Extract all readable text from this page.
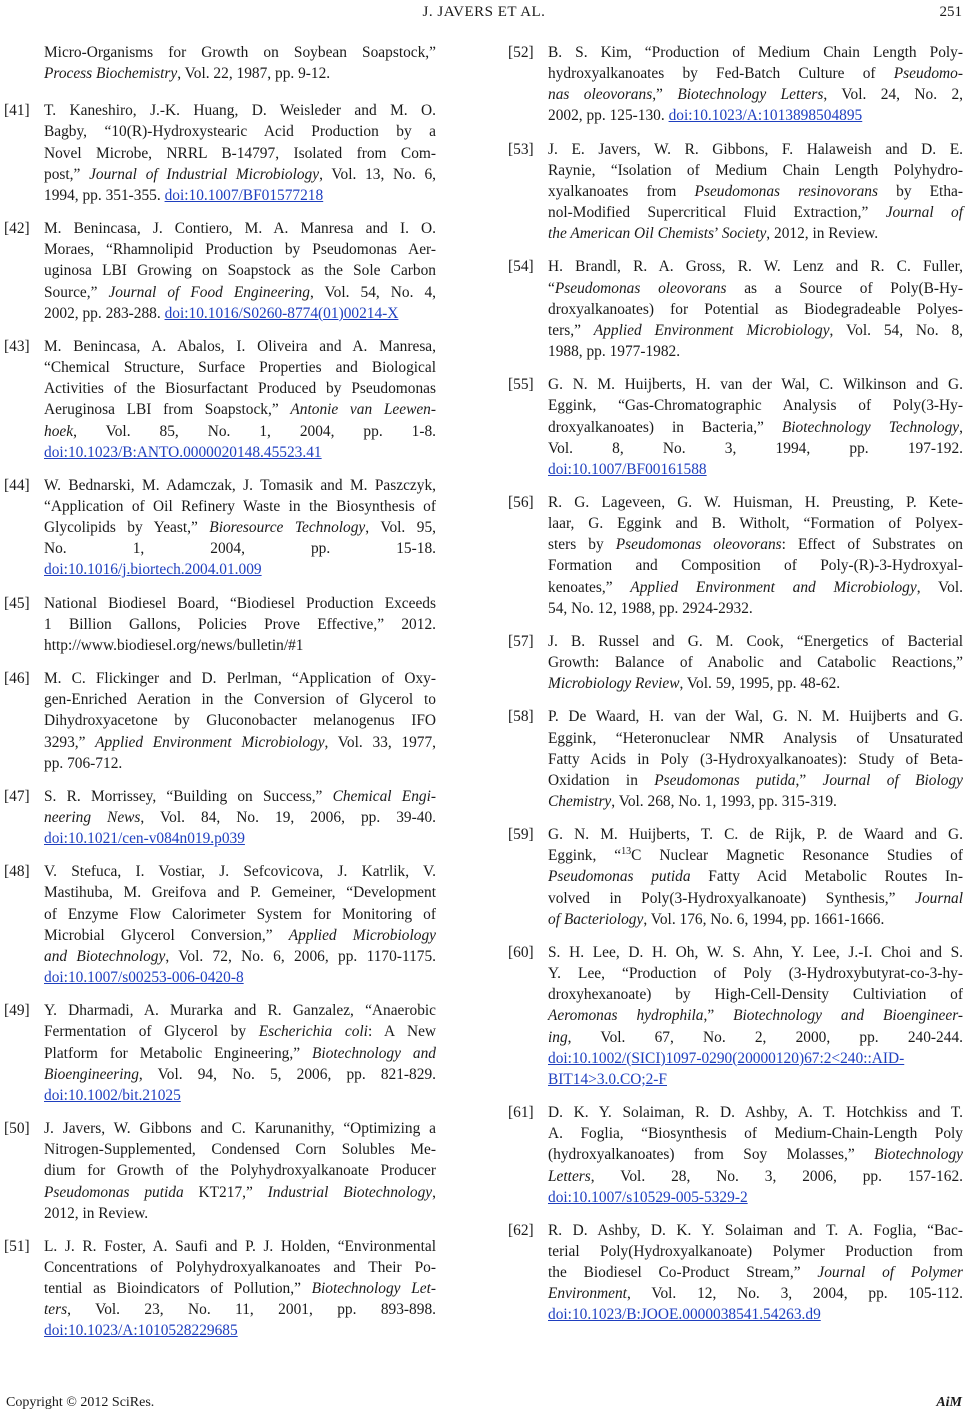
J. JAVERS ET AL.	251
Micro-Organisms for Growth on Soybean Soapstock,”
Process Biochemistry, Vol. 22, 1987, pp. 9-12.
[41] T. Kaneshiro, J.-K. Huang, D. Weisleder and M. O.
Bagby, “10(R)-Hydroxystearic Acid Production by a
Novel Microbe, NRRL B-14797, Isolated from Com-
post,” Journal of Industrial Microbiology, Vol. 13, No. 6,
1994, pp. 351-355. doi:10.1007/BF01577218
[42] M. Benincasa, J. Contiero, M. A. Manresa and I. O.
Moraes, “Rhamnolipid Production by Pseudomonas Aer-
uginosa LBI Growing on Soapstock as the Sole Carbon
Source,” Journal of Food Engineering, Vol. 54, No. 4,
2002, pp. 283-288. doi:10.1016/S0260-8774(01)00214-X
[43] M. Benincasa, A. Abalos, I. Oliveira and A. Manresa,
“Chemical Structure, Surface Properties and Biological
Activities of the Biosurfactant Produced by Pseudomonas
Aeruginosa LBI from Soapstock,” Antonie van Leewen-
hoek, Vol. 85, No. 1, 2004, pp. 1-8.
doi:10.1023/B:ANTO.0000020148.45523.41
[44] W. Bednarski, M. Adamczak, J. Tomasik and M. Paszczyk,
“Application of Oil Refinery Waste in the Biosynthesis of
Glycolipids by Yeast,” Bioresource Technology, Vol. 95,
No. 1, 2004, pp. 15-18.
doi:10.1016/j.biortech.2004.01.009
[45] National Biodiesel Board, “Biodiesel Production Exceeds
1 Billion Gallons, Policies Prove Effective,” 2012.
http://www.biodiesel.org/news/bulletin/#1
[46] M. C. Flickinger and D. Perlman, “Application of Oxy-
gen-Enriched Aeration in the Conversion of Glycerol to
Dihydroxyacetone by Gluconobacter melanogenus IFO
3293,” Applied Environment Microbiology, Vol. 33, 1977,
pp. 706-712.
[47] S. R. Morrissey, “Building on Success,” Chemical Engi-
neering News, Vol. 84, No. 19, 2006, pp. 39-40.
doi:10.1021/cen-v084n019.p039
[48] V. Stefuca, I. Vostiar, J. Sefcovicova, J. Katrlik, V.
Mastihuba, M. Greifova and P. Gemeiner, “Development
of Enzyme Flow Calorimeter System for Monitoring of
Microbial Glycerol Conversion,” Applied Microbiology
and Biotechnology, Vol. 72, No. 6, 2006, pp. 1170-1175.
doi:10.1007/s00253-006-0420-8
[49] Y. Dharmadi, A. Murarka and R. Ganzalez, “Anaerobic
Fermentation of Glycerol by Escherichia coli: A New
Platform for Metabolic Engineering,” Biotechnology and
Bioengineering, Vol. 94, No. 5, 2006, pp. 821-829.
doi:10.1002/bit.21025
[50] J. Javers, W. Gibbons and C. Karunanithy, “Optimizing a
Nitrogen-Supplemented, Condensed Corn Solubles Me-
dium for Growth of the Polyhydroxyalkanoate Producer
Pseudomonas putida KT217,” Industrial Biotechnology,
2012, in Review.
[51] L. J. R. Foster, A. Saufi and P. J. Holden, “Environmental
Concentrations of Polyhydroxyalkanoates and Their Po-
tential as Bioindicators of Pollution,” Biotechnology Let-
ters, Vol. 23, No. 11, 2001, pp. 893-898.
doi:10.1023/A:1010528229685
[52] B. S. Kim, “Production of Medium Chain Length Poly-
hydroxyalkanoates by Fed-Batch Culture of Pseudomo-
nas oleovorans,” Biotechnology Letters, Vol. 24, No. 2,
2002, pp. 125-130. doi:10.1023/A:1013898504895
[53] J. E. Javers, W. R. Gibbons, F. Halaweish and D. E.
Raynie, “Isolation of Medium Chain Length Polyhydro-
xyalkanoates from Pseudomonas resinovorans by Etha-
nol-Modified Supercritical Fluid Extraction,” Journal of
the American Oil Chemists’ Society, 2012, in Review.
[54] H. Brandl, R. A. Gross, R. W. Lenz and R. C. Fuller,
“Pseudomonas oleovorans as a Source of Poly(B-Hy-
droxyalkanoates) for Potential as Biodegradeable Polyes-
ters,” Applied Environment Microbiology, Vol. 54, No. 8,
1988, pp. 1977-1982.
[55] G. N. M. Huijberts, H. van der Wal, C. Wilkinson and G.
Eggink, “Gas-Chromatographic Analysis of Poly(3-Hy-
droxyalkanoates) in Bacteria,” Biotechnology Technology,
Vol. 8, No. 3, 1994, pp. 197-192.
doi:10.1007/BF00161588
[56] R. G. Lageveen, G. W. Huisman, H. Preusting, P. Kete-
laar, G. Eggink and B. Witholt, “Formation of Polyex-
sters by Pseudomonas oleovorans: Effect of Substrates on
Formation and Composition of Poly-(R)-3-Hydroxyal-
kenoates,” Applied Environment and Microbiology, Vol.
54, No. 12, 1988, pp. 2924-2932.
[57] J. B. Russel and G. M. Cook, “Energetics of Bacterial
Growth: Balance of Anabolic and Catabolic Reactions,”
Microbiology Review, Vol. 59, 1995, pp. 48-62.
[58] P. De Waard, H. van der Wal, G. N. M. Huijberts and G.
Eggink, “Heteronuclear NMR Analysis of Unsaturated
Fatty Acids in Poly (3-Hydroxyalkanoates): Study of Beta-
Oxidation in Pseudomonas putida,” Journal of Biology
Chemistry, Vol. 268, No. 1, 1993, pp. 315-319.
[59] G. N. M. Huijberts, T. C. de Rijk, P. de Waard and G.
Eggink, “$^{13}$C Nuclear Magnetic Resonance Studies of
Pseudomonas putida Fatty Acid Metabolic Routes In-
volved in Poly(3-Hydroxyalkanoate) Synthesis,” Journal
of Bacteriology, Vol. 176, No. 6, 1994, pp. 1661-1666.
[60] S. H. Lee, D. H. Oh, W. S. Ahn, Y. Lee, J.-I. Choi and S.
Y. Lee, “Production of Poly (3-Hydroxybutyrat-co-3-hy-
droxyhexanoate) by High-Cell-Density Cultiviation of
Aeromonas hydrophila,” Biotechnology and Bioengineer-
ing, Vol. 67, No. 2, 2000, pp. 240-244.
doi:10.1002/(SICI)1097-0290(20000120)67:2<240::AID-
BIT14>3.0.CO;2-F
[61] D. K. Y. Solaiman, R. D. Ashby, A. T. Hotchkiss and T.
A. Foglia, “Biosynthesis of Medium-Chain-Length Poly
(hydroxyalkanoates) from Soy Molasses,” Biotechnology
Letters, Vol. 28, No. 3, 2006, pp. 157-162.
doi:10.1007/s10529-005-5329-2
[62] R. D. Ashby, D. K. Y. Solaiman and T. A. Foglia, “Bac-
terial Poly(Hydroxyalkanoate) Polymer Production from
the Biodiesel Co-Product Stream,” Journal of Polymer
Environment, Vol. 12, No. 3, 2004, pp. 105-112.
doi:10.1023/B:JOOE.0000038541.54263.d9
Copyright © 2012 SciRes.	AiM
